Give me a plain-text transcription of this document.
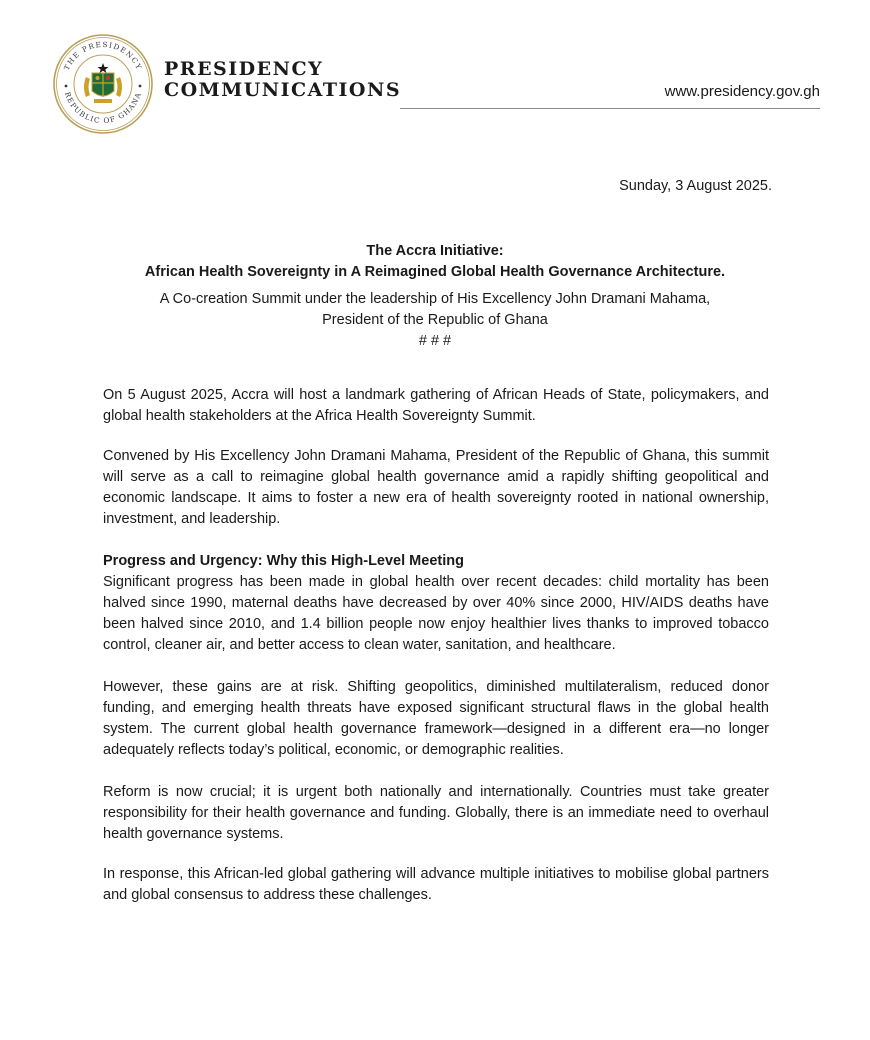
THE PRESIDENCY
REPUBLIC OF GHANA
PRESIDENCY
COMMUNICATIONS	www.presidency.gov.gh
Sunday, 3 August 2025.
The Accra Initiative:
African Health Sovereignty in A Reimagined Global Health Governance Architecture.
A Co-creation Summit under the leadership of His Excellency John Dramani Mahama,
President of the Republic of Ghana
# # #
On 5 August 2025, Accra will host a landmark gathering of African Heads of State, policymakers, and global health stakeholders at the Africa Health Sovereignty Summit.
Convened by His Excellency John Dramani Mahama, President of the Republic of Ghana, this summit will serve as a call to reimagine global health governance amid a rapidly shifting geopolitical and economic landscape. It aims to foster a new era of health sovereignty rooted in national ownership, investment, and leadership.
Progress and Urgency: Why this High-Level Meeting
Significant progress has been made in global health over recent decades: child mortality has been halved since 1990, maternal deaths have decreased by over 40% since 2000, HIV/AIDS deaths have been halved since 2010, and 1.4 billion people now enjoy healthier lives thanks to improved tobacco control, cleaner air, and better access to clean water, sanitation, and healthcare.
However, these gains are at risk. Shifting geopolitics, diminished multilateralism, reduced donor funding, and emerging health threats have exposed significant structural flaws in the global health system. The current global health governance framework—designed in a different era—no longer adequately reflects today’s political, economic, or demographic realities.
Reform is now crucial; it is urgent both nationally and internationally. Countries must take greater responsibility for their health governance and funding. Globally, there is an immediate need to overhaul health governance systems.
In response, this African-led global gathering will advance multiple initiatives to mobilise global partners and global consensus to address these challenges.
